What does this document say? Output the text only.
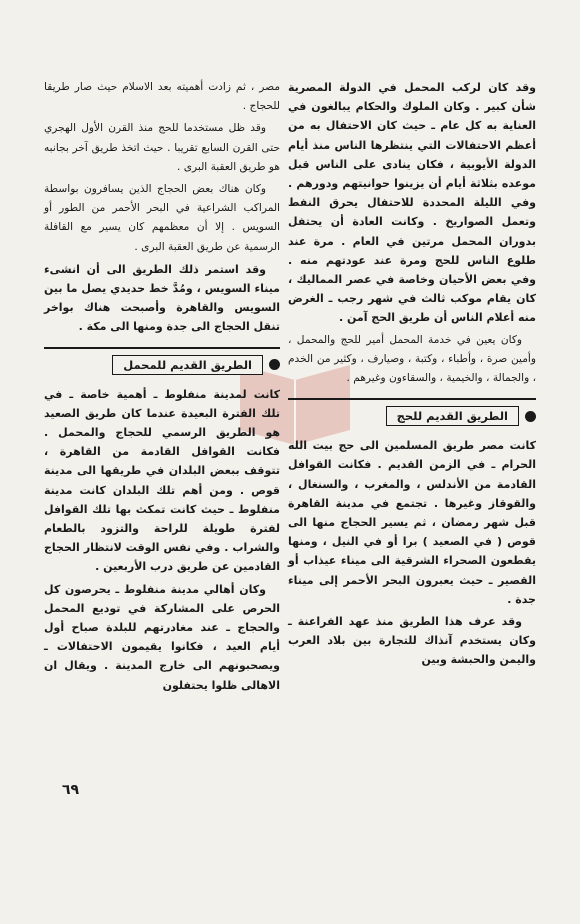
وقد كان لركب المحمل في الدولة المصرية شأن كبير . وكان الملوك والحكام يبالغون في العناية به كل عام ـ حيث كان الاحتفال به من أعظم الاحتفالات التي ينتظرها الناس منذ أيام الدولة الأيوبية ، فكان ينادى على الناس قبل موعده بثلاثة أيام أن يزينوا حوانيتهم ودورهم . وفي الليلة المحددة للاحتفال يحرق النفط وتعمل الصواريخ . وكانت العادة أن يحتفل بدوران المحمل مرتين في العام . مرة عند طلوع الناس للحج ومرة عند عودتهم منه . وفي بعض الأحيان وخاصة في عصر المماليك ، كان يقام موكب ثالث في شهر رجب ـ الغرض منه أعلام الناس أن طريق الحج آمن .

وكان يعين في خدمة المحمل أمير للحج والمحمل ، وأمين صرة ، وأطباء ، وكتبة ، وصيارف ، وكثير من الخدم ، والجمالة ، والخيمية ، والسقاءون وغيرهم .

الطريق القديم للحج

كانت مصر طريق المسلمين الى حج بيت الله الحرام ـ في الزمن القديم . فكانت القوافل القادمة من الأندلس ، والمغرب ، والسنغال ، والقوقاز وغيرها . تجتمع في مدينة القاهرة قبل شهر رمضان ، ثم يسير الحجاج منها الى قوص ( في الصعيد ) برا أو في النيل ، ومنها يقطعون الصحراء الشرقية الى ميناء عيذاب أو القصير ـ حيث يعبرون البحر الأحمر إلى ميناء جدة .

وقد عرف هذا الطريق منذ عهد الفراعنة ـ وكان يستخدم آنذاك للتجارة بين بلاد العرب واليمن والحبشة وبين

مصر ، ثم زادت أهميته بعد الاسلام حيث صار طريقا للحجاج .

وقد ظل مستخدما للحج منذ القرن الأول الهجري حتى القرن السابع تقريبا . حيث اتخذ طريق آخر بجانبه هو طريق العقبة البرى .

وكان هناك بعض الحجاج الذين يسافرون بواسطة المراكب الشراعية في البحر الأحمر من الطور أو السويس . إلا أن معظمهم كان يسير مع القافلة الرسمية عن طريق العقبة البرى .

وقد استمر ذلك الطريق الى أن انشىء ميناء السويس ، ومُدَّ خط حديدي يصل ما بين السويس والقاهرة وأصبحت هناك بواخر تنقل الحجاج الى جدة ومنها الى مكة .

الطريق القديم للمحمل

كانت لمدينة منفلوط ـ أهمية خاصة ـ في تلك الفترة البعيدة عندما كان طريق الصعيد هو الطريق الرسمي للحجاج والمحمل . فكانت القوافل القادمة من القاهرة ، تتوقف ببعض البلدان في طريقها الى مدينة قوص . ومن أهم تلك البلدان كانت مدينة منفلوط ـ حيث كانت تمكث بها تلك القوافل لفترة طويلة للراحة والتزود بالطعام والشراب . وفي نفس الوقت لانتظار الحجاج القادمين عن طريق درب الأربعين .

وكان أهالي مدينة منفلوط ـ يحرصون كل الحرص على المشاركة في توديع المحمل والحجاج ـ عند مغادرتهم للبلدة صباح أول أيام العيد ، فكانوا يقيمون الاحتفالات ـ ويصحبونهم الى خارج المدينة . ويقال ان الاهالى ظلوا يحتفلون

٦٩
